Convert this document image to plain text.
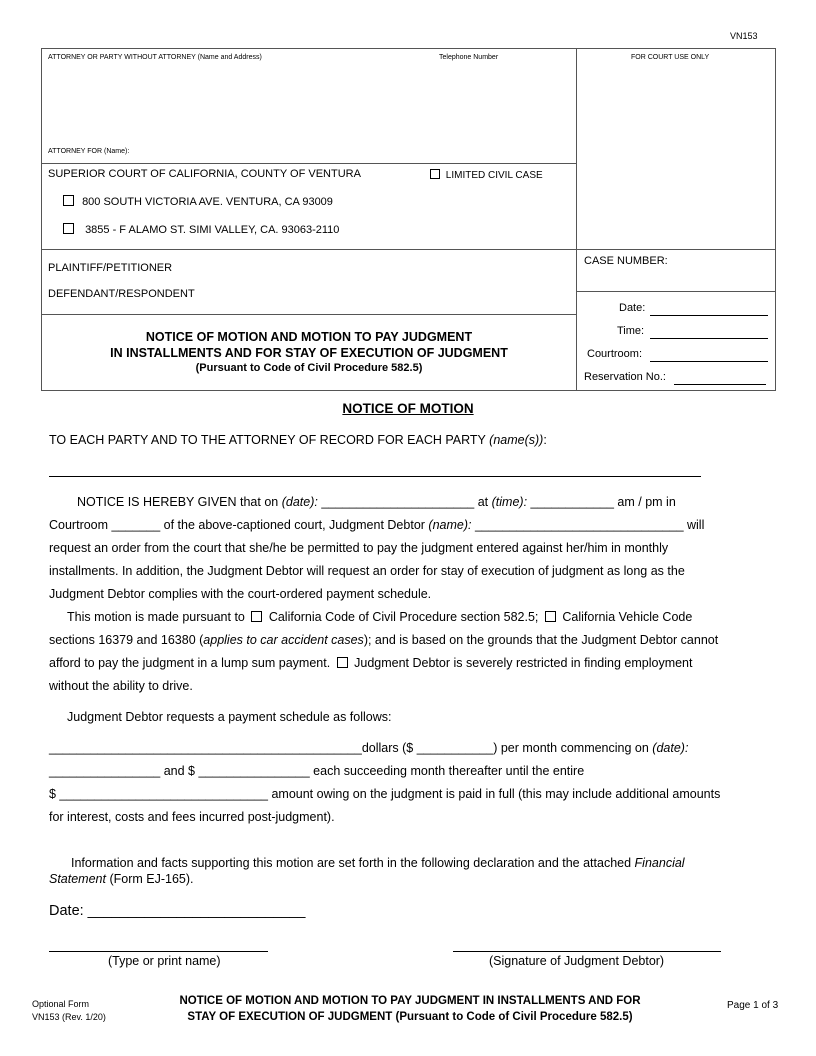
VN153
ATTORNEY OR PARTY WITHOUT ATTORNEY (Name and Address)	Telephone Number	FOR COURT USE ONLY
ATTORNEY FOR (Name):
SUPERIOR COURT OF CALIFORNIA, COUNTY OF VENTURA	LIMITED CIVIL CASE
800 SOUTH VICTORIA AVE. VENTURA, CA 93009
3855 - F ALAMO ST. SIMI VALLEY, CA. 93063-2110
PLAINTIFF/PETITIONER
DEFENDANT/RESPONDENT
CASE NUMBER:
NOTICE OF MOTION AND MOTION TO PAY JUDGMENT
IN INSTALLMENTS AND FOR STAY OF EXECUTION OF JUDGMENT
(Pursuant to Code of Civil Procedure 582.5)
Date:
Time:
Courtroom:
Reservation No.:
NOTICE OF MOTION
TO EACH PARTY AND TO THE ATTORNEY OF RECORD FOR EACH PARTY (name(s)):
NOTICE IS HEREBY GIVEN that on (date): ______________________ at (time): ____________ am / pm in
Courtroom _______ of the above-captioned court, Judgment Debtor (name): ______________________________ will
request an order from the court that she/he be permitted to pay the judgment entered against her/him in monthly
installments. In addition, the Judgment Debtor will request an order for stay of execution of judgment as long as the
Judgment Debtor complies with the court-ordered payment schedule.
This motion is made pursuant to  California Code of Civil Procedure section 582.5;  California Vehicle Code
sections 16379 and 16380 (applies to car accident cases); and is based on the grounds that the Judgment Debtor cannot
afford to pay the judgment in a lump sum payment.  Judgment Debtor is severely restricted in finding employment
without the ability to drive.
Judgment Debtor requests a payment schedule as follows:
_____________________________________________dollars ($ ___________) per month commencing on (date):
________________ and $ ________________ each succeeding month thereafter until the entire
$ ______________________________ amount owing on the judgment is paid in full (this may include additional amounts
for interest, costs and fees incurred post-judgment).
Information and facts supporting this motion are set forth in the following declaration and the attached Financial
Statement (Form EJ-165).
Date: ___________________________
(Type or print name)	(Signature of Judgment Debtor)
Optional Form
VN153 (Rev. 1/20)
NOTICE OF MOTION AND MOTION TO PAY JUDGMENT IN INSTALLMENTS AND FOR
STAY OF EXECUTION OF JUDGMENT (Pursuant to Code of Civil Procedure 582.5)
Page 1 of 3
